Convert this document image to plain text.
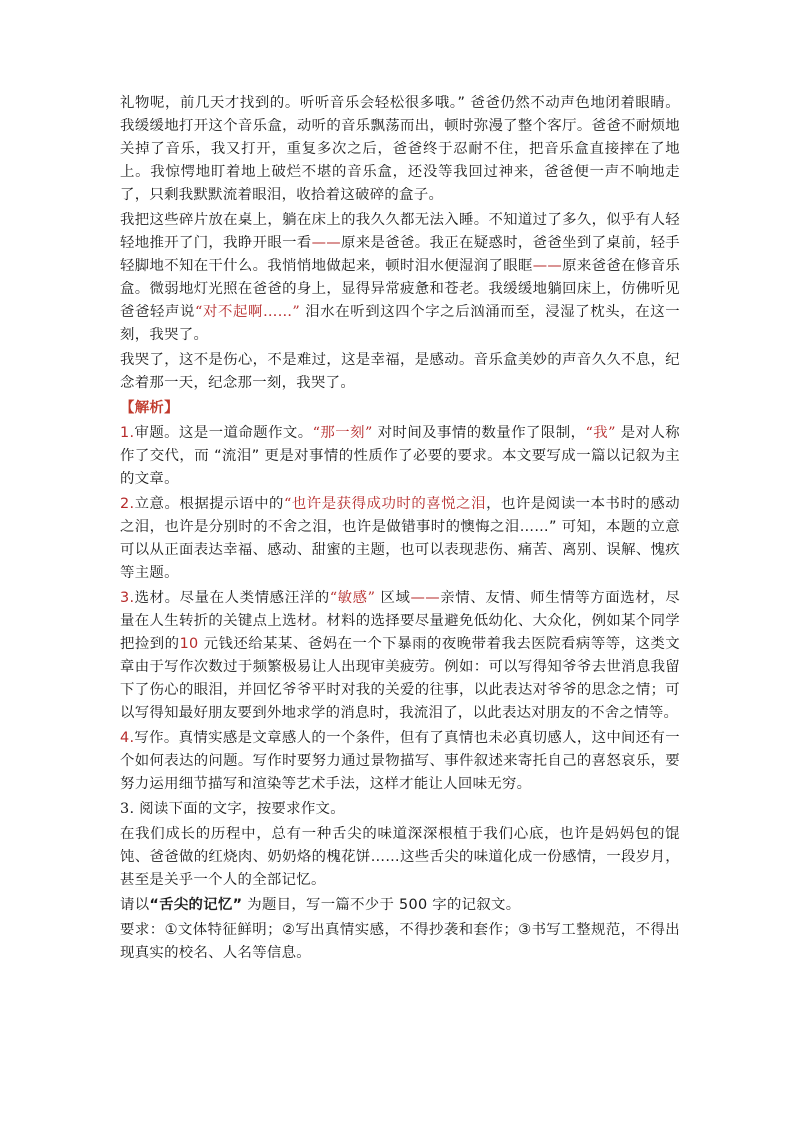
礼物呢，前几天才找到的。听听音乐会轻松很多哦。” 爸爸仍然不动声色地闭着眼睛。我缓缓地打开这个音乐盒，动听的音乐飘荡而出，顿时弥漫了整个客厅。爸爸不耐烦地关掉了音乐，我又打开，重复多次之后，爸爸终于忍耐不住，把音乐盒直接摔在了地上。我惊愕地盯着地上破烂不堪的音乐盒，还没等我回过神来，爸爸便一声不响地走了，只剩我默默流着眼泪，收拾着这破碎的盒子。

我把这些碎片放在桌上，躺在床上的我久久都无法入睡。不知道过了多久，似乎有人轻轻地推开了门，我睁开眼一看——原来是爸爸。我正在疑惑时，爸爸坐到了桌前，轻手轻脚地不知在干什么。我悄悄地做起来，顿时泪水便湿润了眼眶——原来爸爸在修音乐盒。微弱地灯光照在爸爸的身上，显得异常疲惫和苍老。我缓缓地躺回床上，仿佛听见爸爸轻声说“对不起啊……” 泪水在听到这四个字之后汹涌而至，浸湿了枕头，在这一刻，我哭了。

我哭了，这不是伤心，不是难过，这是幸福，是感动。音乐盒美妙的声音久久不息，纪念着那一天，纪念那一刻，我哭了。

【解析】

1.审题。这是一道命题作文。“那一刻” 对时间及事情的数量作了限制，“我” 是对人称作了交代，而 “流泪” 更是对事情的性质作了必要的要求。本文要写成一篇以记叙为主的文章。

2.立意。根据提示语中的“也许是获得成功时的喜悦之泪，也许是阅读一本书时的感动之泪，也许是分别时的不舍之泪，也许是做错事时的懊悔之泪……” 可知，本题的立意可以从正面表达幸福、感动、甜蜜的主题，也可以表现悲伤、痛苦、离别、误解、愧疚等主题。

3.选材。尽量在人类情感汪洋的“敏感” 区域——亲情、友情、师生情等方面选材，尽量在人生转折的关键点上选材。材料的选择要尽量避免低幼化、大众化，例如某个同学把捡到的10 元钱还给某某、爸妈在一个下暴雨的夜晚带着我去医院看病等等，这类文章由于写作次数过于频繁极易让人出现审美疲劳。例如：可以写得知爷爷去世消息我留下了伤心的眼泪，并回忆爷爷平时对我的关爱的往事，以此表达对爷爷的思念之情；可以写得知最好朋友要到外地求学的消息时，我流泪了，以此表达对朋友的不舍之情等。

4.写作。真情实感是文章感人的一个条件，但有了真情也未必真切感人，这中间还有一个如何表达的问题。写作时要努力通过景物描写、事件叙述来寄托自己的喜怒哀乐，要努力运用细节描写和渲染等艺术手法，这样才能让人回味无穷。

3. 阅读下面的文字，按要求作文。

在我们成长的历程中，总有一种舌尖的味道深深根植于我们心底，也许是妈妈包的馄饨、爸爸做的红烧肉、奶奶烙的槐花饼……这些舌尖的味道化成一份感情，一段岁月，甚至是关乎一个人的全部记忆。

请以“舌尖的记忆” 为题目，写一篇不少于 500 字的记叙文。

要求：①文体特征鲜明；②写出真情实感，不得抄袭和套作；③书写工整规范，不得出现真实的校名、人名等信息。
